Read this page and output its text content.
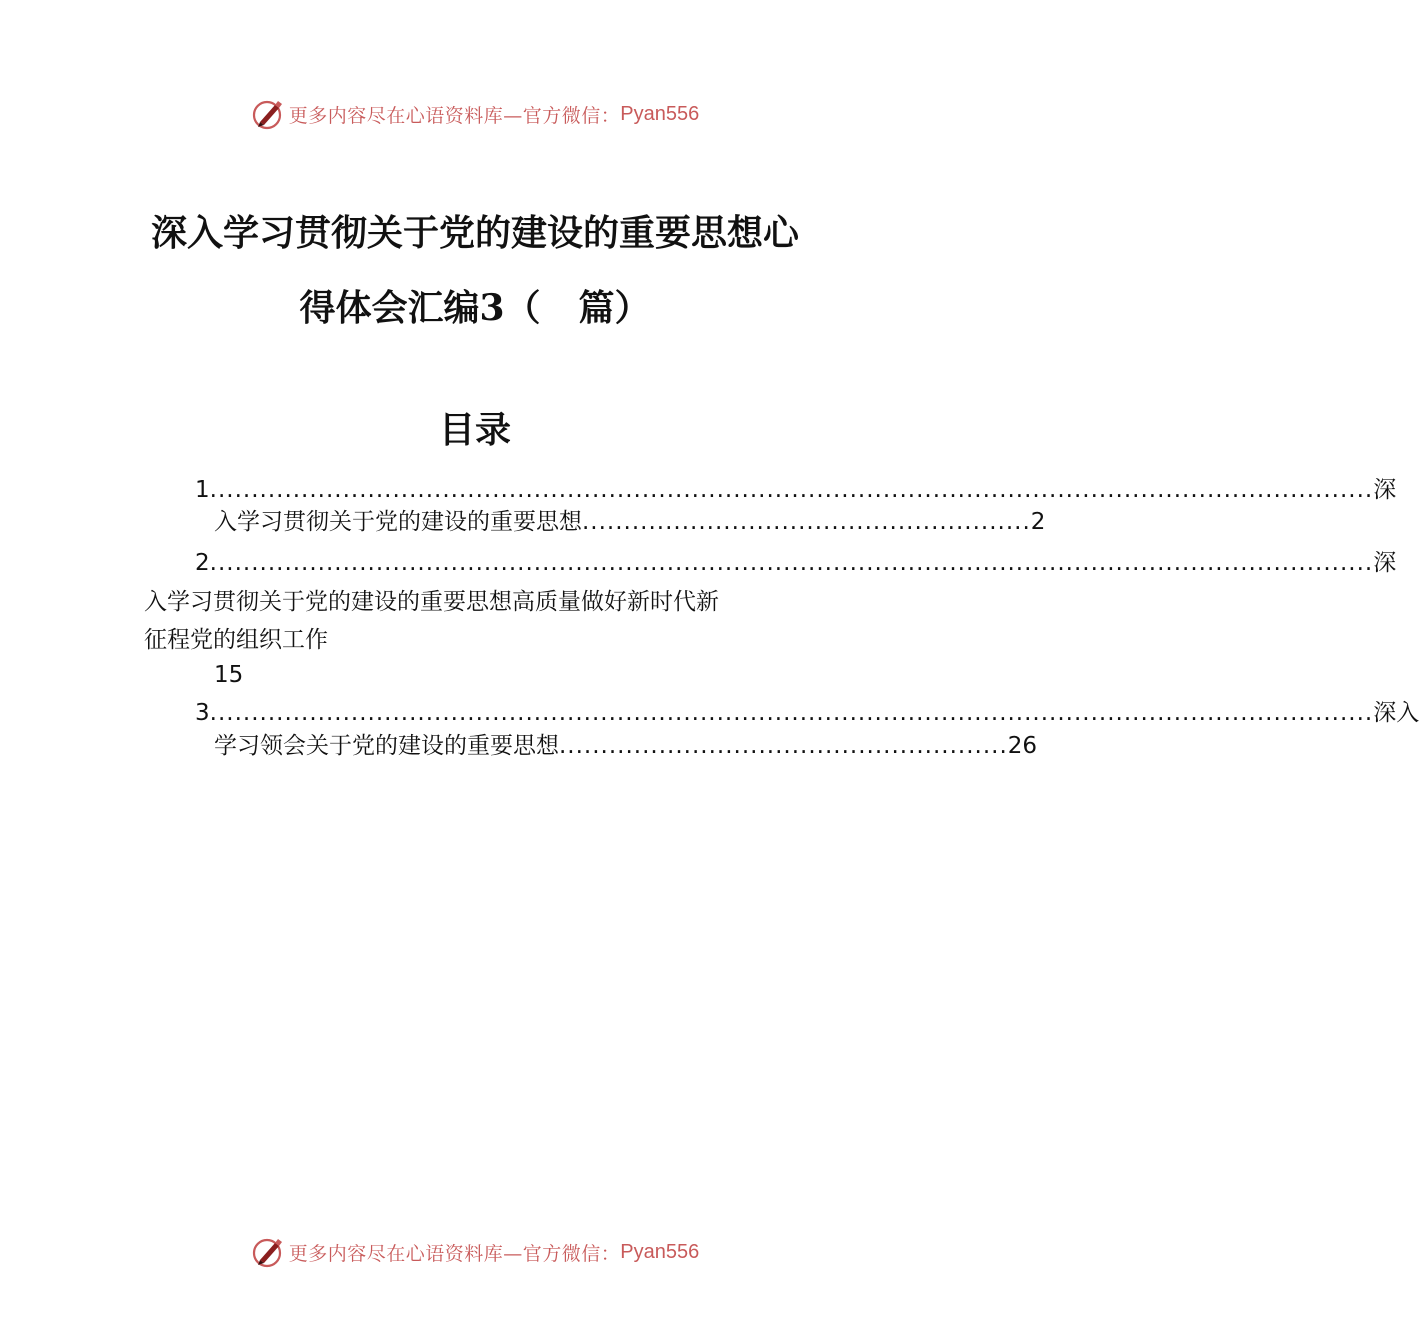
更多内容尽在心语资料库—官方微信： Pyan556
深入学习贯彻关于党的建设的重要思想心
得体会汇编3（ 篇）
目录
1 ............................................................................................................................................ 深
入学习贯彻关于党的建设的重要思想 ...................................................... 2
2 ............................................................................................................................................ 深
入学习贯彻关于党的建设的重要思想高质量做好新时代新
征程党的组织工作
15
3 ............................................................................................................................................ 深入
学习领会关于党的建设的重要思想 ...................................................... 26
更多内容尽在心语资料库—官方微信： Pyan556
